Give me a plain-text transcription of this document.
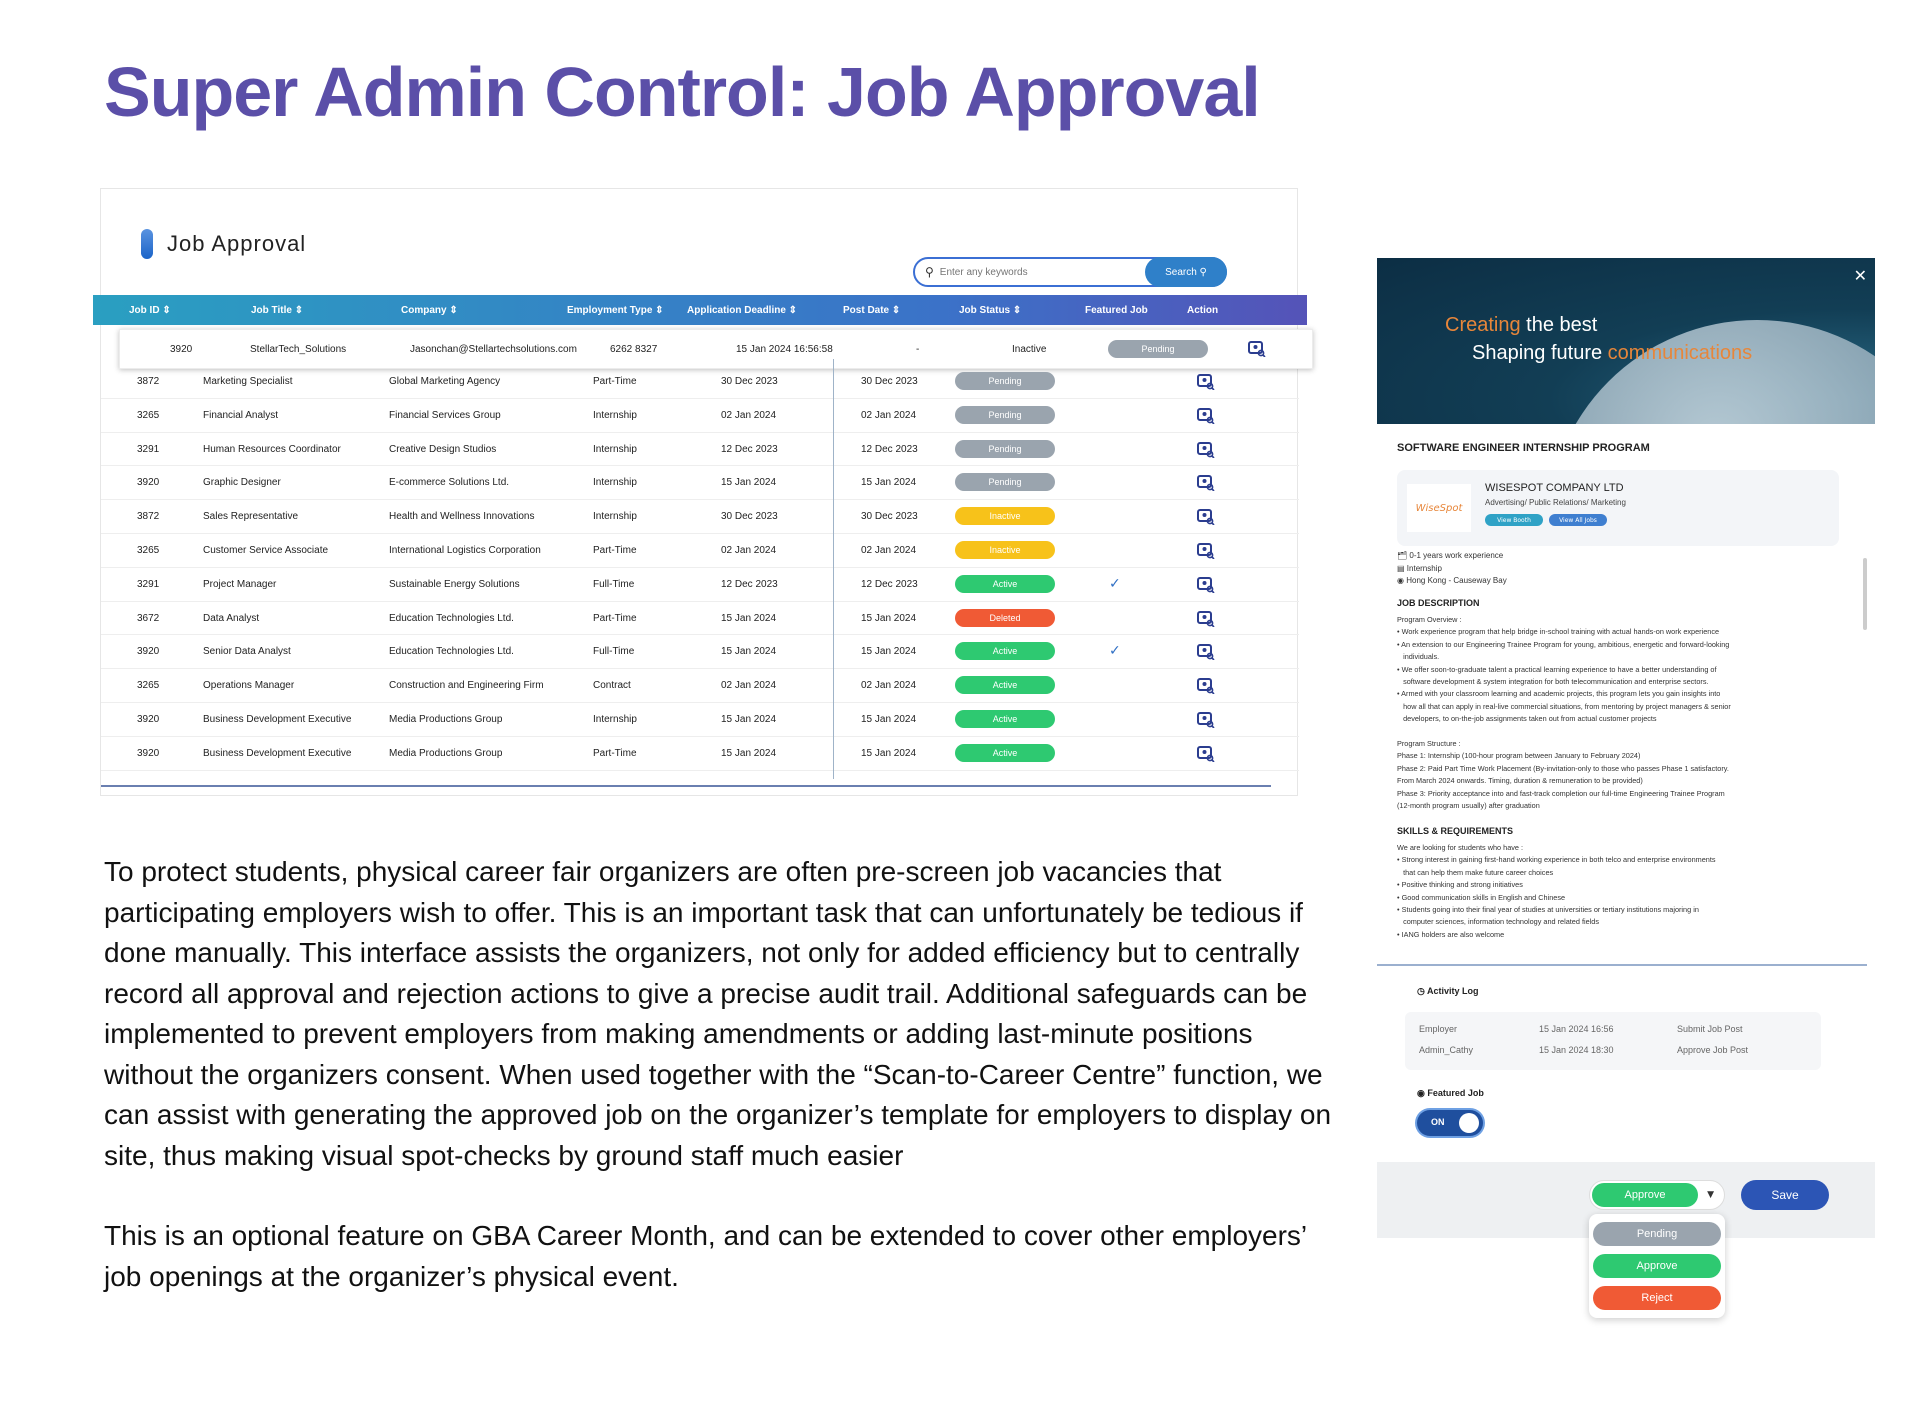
Super Admin Control: Job Approval
Job Approval
⚲
Enter any keywords	Search ⚲
Job ID ⇕	Job Title ⇕	Company ⇕	Employment Type ⇕ Application Deadline ⇕	Post Date ⇕	Job Status ⇕	Featured Job	Action
3920	StellarTech_Solutions	Jasonchan@Stellartechsolutions.com	6262 8327	15 Jan 2024 16:56:58	-	Inactive	Pending
3872	Marketing Specialist	Global Marketing Agency	Part-Time	30 Dec 2023	30 Dec 2023	Pending
3265	Financial Analyst	Financial Services Group	Internship	02 Jan 2024	02 Jan 2024	Pending
3291	Human Resources Coordinator	Creative Design Studios	Internship	12 Dec 2023	12 Dec 2023	Pending
3920	Graphic Designer	E-commerce Solutions Ltd.	Internship	15 Jan 2024	15 Jan 2024	Pending
3872	Sales Representative	Health and Wellness Innovations	Internship	30 Dec 2023	30 Dec 2023	Inactive
3265	Customer Service Associate	International Logistics Corporation	Part-Time	02 Jan 2024	02 Jan 2024	Inactive
3291	Project Manager	Sustainable Energy Solutions	Full-Time	12 Dec 2023	12 Dec 2023	Active	✓
3672	Data Analyst	Education Technologies Ltd.	Part-Time	15 Jan 2024	15 Jan 2024	Deleted
3920	Senior Data Analyst	Education Technologies Ltd.	Full-Time	15 Jan 2024	15 Jan 2024	Active	✓
3265	Operations Manager	Construction and Engineering Firm	Contract	02 Jan 2024	02 Jan 2024	Active
3920	Business Development Executive	Media Productions Group	Internship	15 Jan 2024	15 Jan 2024	Active
3920	Business Development Executive	Media Productions Group	Part-Time	15 Jan 2024	15 Jan 2024	Active

To protect students, physical career fair organizers are often pre-screen job vacancies that participating employers wish to offer. This is an important task that can unfortunately be tedious if done manually. This interface assists the organizers, not only for added efficiency but to centrally record all approval and rejection actions to give a precise audit trail. Additional safeguards can be implemented to prevent employers from making amendments or adding last-minute positions without the organizers consent. When used together with the “Scan-to-Career Centre” function, we can assist with generating the approved job on the organizer’s template for employers to display on site, thus making visual spot-checks by ground staff much easier

This is an optional feature on GBA Career Month, and can be extended to cover other employers’ job openings at the organizer’s physical event.

Creating the best
Shaping future communications
✕
SOFTWARE ENGINEER INTERNSHIP PROGRAM
WiseSpot
WISESPOT COMPANY LTD
Advertising/ Public Relations/ Marketing
View Booth	View All Jobs
🗂 0-1 years work experience
▤ Internship
◉ Hong Kong - Causeway Bay
JOB DESCRIPTION
Program Overview :
• Work experience program that help bridge in-school training with actual hands-on work experience
• An extension to our Engineering Trainee Program for young, ambitious, energetic and forward-looking
individuals.
• We offer soon-to-graduate talent a practical learning experience to have a better understanding of
software development & system integration for both telecommunication and enterprise sectors.
• Armed with your classroom learning and academic projects, this program lets you gain insights into
how all that can apply in real-live commercial situations, from mentoring by project managers & senior
developers, to on-the-job assignments taken out from actual customer projects
Program Structure :
Phase 1: Internship (100-hour program between January to February 2024)
Phase 2: Paid Part Time Work Placement (By-invitation-only to those who passes Phase 1 satisfactory.
From March 2024 onwards. Timing, duration & remuneration to be provided)
Phase 3: Priority acceptance into and fast-track completion our full-time Engineering Trainee Program
(12-month program usually) after graduation
SKILLS & REQUIREMENTS
We are looking for students who have :
• Strong interest in gaining first-hand working experience in both telco and enterprise environments
that can help them make future career choices
• Positive thinking and strong initiatives
• Good communication skills in English and Chinese
• Students going into their final year of studies at universities or tertiary institutions majoring in
computer sciences, information technology and related fields
• IANG holders are also welcome
◷ Activity Log
Employer	15 Jan 2024 16:56	Submit Job Post
Admin_Cathy	15 Jan 2024 18:30	Approve Job Post
◉ Featured Job
ON
Approve	▼	Save
Pending
Approve
Reject
